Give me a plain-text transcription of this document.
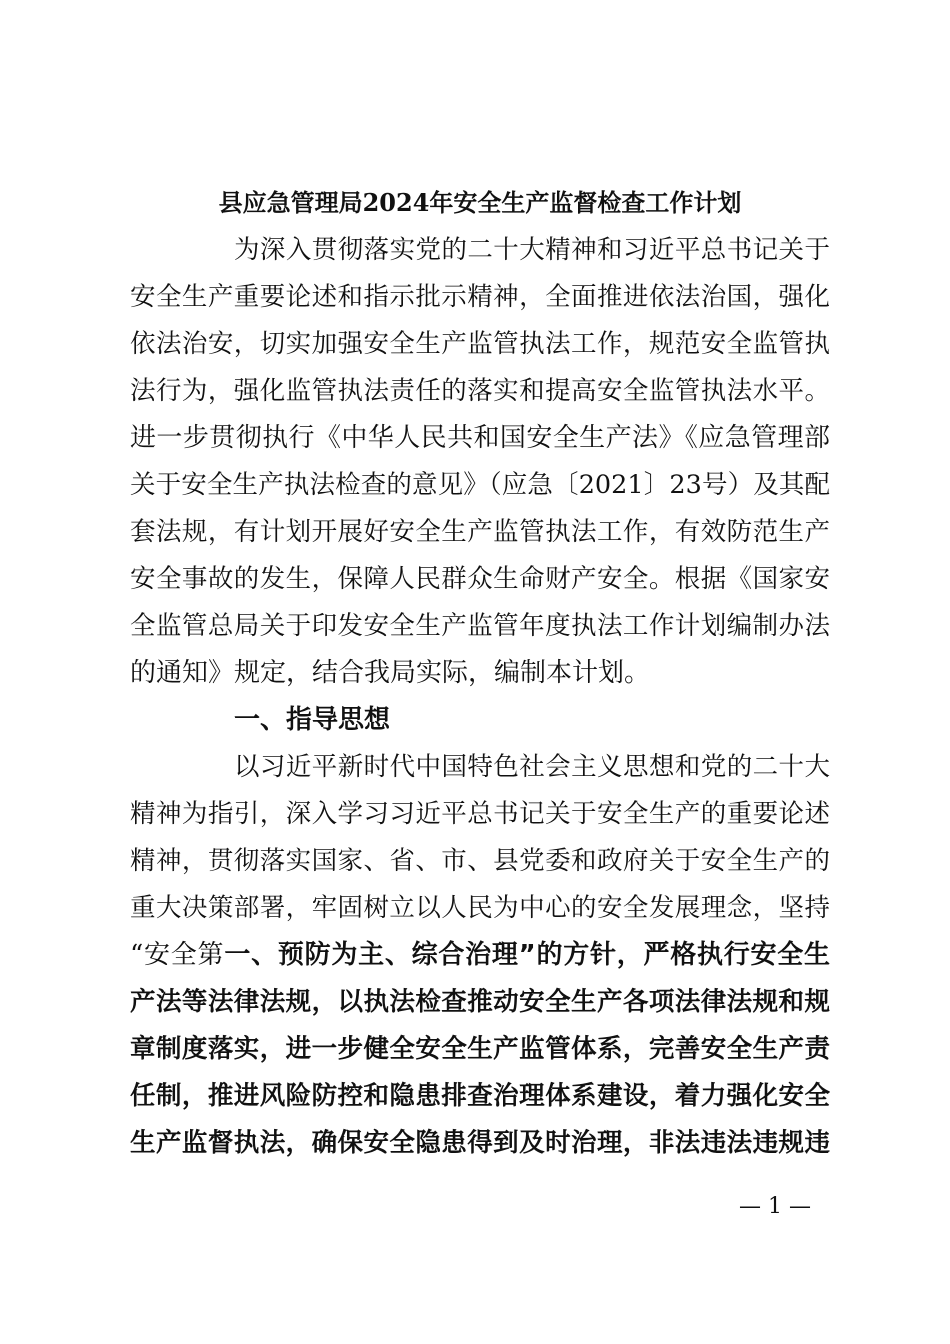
县应急管理局2024年安全生产监督检查工作计划
为深入贯彻落实党的二十大精神和习近平总书记关于
安全生产重要论述和指示批示精神，全面推进依法治国，强化
依法治安，切实加强安全生产监管执法工作，规范安全监管执
法行为，强化监管执法责任的落实和提高安全监管执法水平。
进一步贯彻执行《中华人民共和国安全生产法》《应急管理部
关于安全生产执法检查的意见》（应急〔2021〕23号）及其配
套法规，有计划开展好安全生产监管执法工作，有效防范生产
安全事故的发生，保障人民群众生命财产安全。根据《国家安
全监管总局关于印发安全生产监管年度执法工作计划编制办法
的通知》规定，结合我局实际，编制本计划。
一、指导思想
以习近平新时代中国特色社会主义思想和党的二十大
精神为指引，深入学习习近平总书记关于安全生产的重要论述
精神，贯彻落实国家、省、市、县党委和政府关于安全生产的
重大决策部署，牢固树立以人民为中心的安全发展理念，坚持
“安全第一、预防为主、综合治理”的方针，严格执行安全生
产法等法律法规，以执法检查推动安全生产各项法律法规和规
章制度落实，进一步健全安全生产监管体系，完善安全生产责
任制，推进风险防控和隐患排查治理体系建设，着力强化安全
生产监督执法，确保安全隐患得到及时治理，非法违法违规违
— 1 —
